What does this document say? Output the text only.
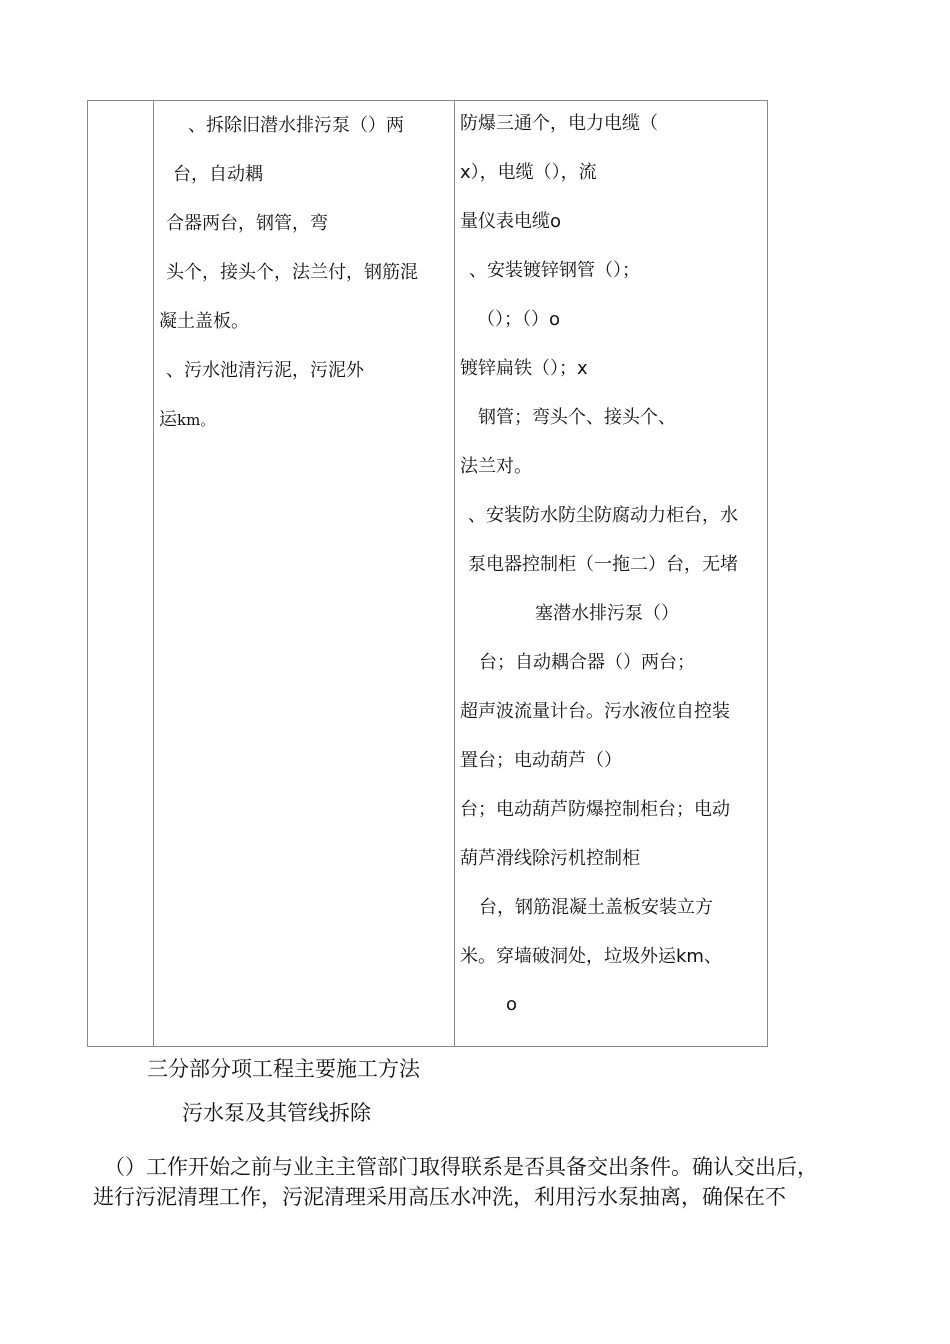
、拆除旧潜水排污泵（）两
台，自动耦
合器两台，钢管，弯
头个，接头个，法兰付，钢筋混
凝土盖板。
、污水池清污泥，污泥外
运km。
防爆三通个，电力电缆（
x），电缆（），流
量仪表电缆o
、安装镀锌钢管（）；
（）；（）o
镀锌扁铁（）；x
钢管；弯头个、接头个、
法兰对。
、安装防水防尘防腐动力柜台，水
泵电器控制柜（一拖二）台，无堵
塞潜水排污泵（）
台；自动耦合器（）两台；
超声波流量计台。污水液位自控装
置台；电动葫芦（）
台；电动葫芦防爆控制柜台；电动
葫芦滑线除污机控制柜
台，钢筋混凝土盖板安装立方
米。穿墙破洞处，垃圾外运km、
o
三分部分项工程主要施工方法
污水泵及其管线拆除
（）工作开始之前与业主主管部门取得联系是否具备交出条件。确认交出后，
进行污泥清理工作，污泥清理采用高压水冲洗，利用污水泵抽离，确保在不
